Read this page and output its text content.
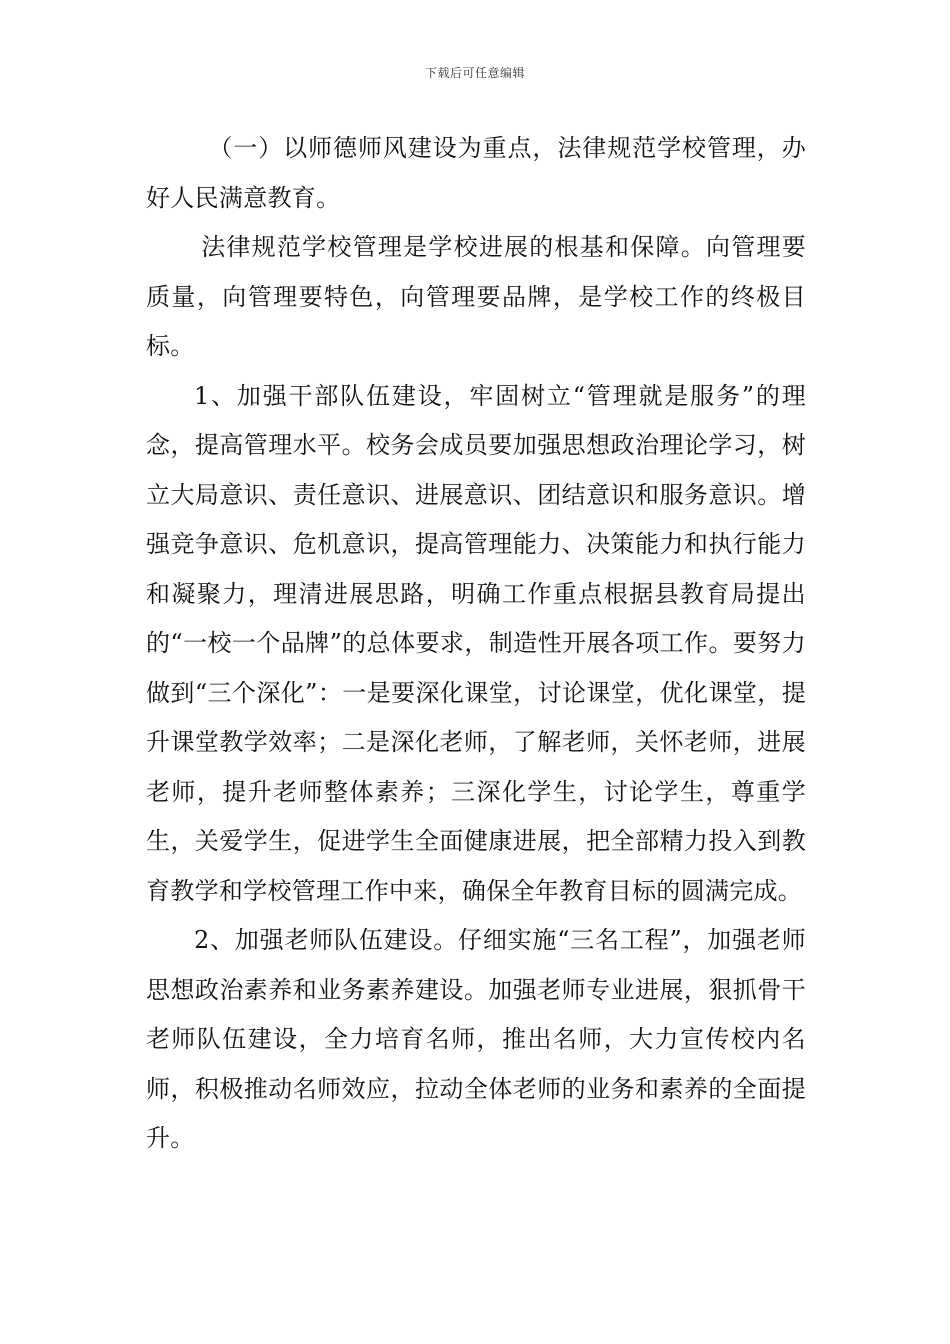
下载后可任意编辑

（一）以师德师风建设为重点，法律规范学校管理，办好人民满意教育。

法律规范学校管理是学校进展的根基和保障。向管理要质量，向管理要特色，向管理要品牌，是学校工作的终极目标。

1、加强干部队伍建设，牢固树立“管理就是服务”的理念，提高管理水平。校务会成员要加强思想政治理论学习，树立大局意识、责任意识、进展意识、团结意识和服务意识。增强竞争意识、危机意识，提高管理能力、决策能力和执行能力和凝聚力，理清进展思路，明确工作重点根据县教育局提出的“一校一个品牌”的总体要求，制造性开展各项工作。要努力做到“三个深化”：一是要深化课堂，讨论课堂，优化课堂，提升课堂教学效率；二是深化老师，了解老师，关怀老师，进展老师，提升老师整体素养；三深化学生，讨论学生，尊重学生，关爱学生，促进学生全面健康进展，把全部精力投入到教育教学和学校管理工作中来，确保全年教育目标的圆满完成。

2、加强老师队伍建设。仔细实施“三名工程”，加强老师思想政治素养和业务素养建设。加强老师专业进展，狠抓骨干老师队伍建设，全力培育名师，推出名师，大力宣传校内名师，积极推动名师效应，拉动全体老师的业务和素养的全面提升。
